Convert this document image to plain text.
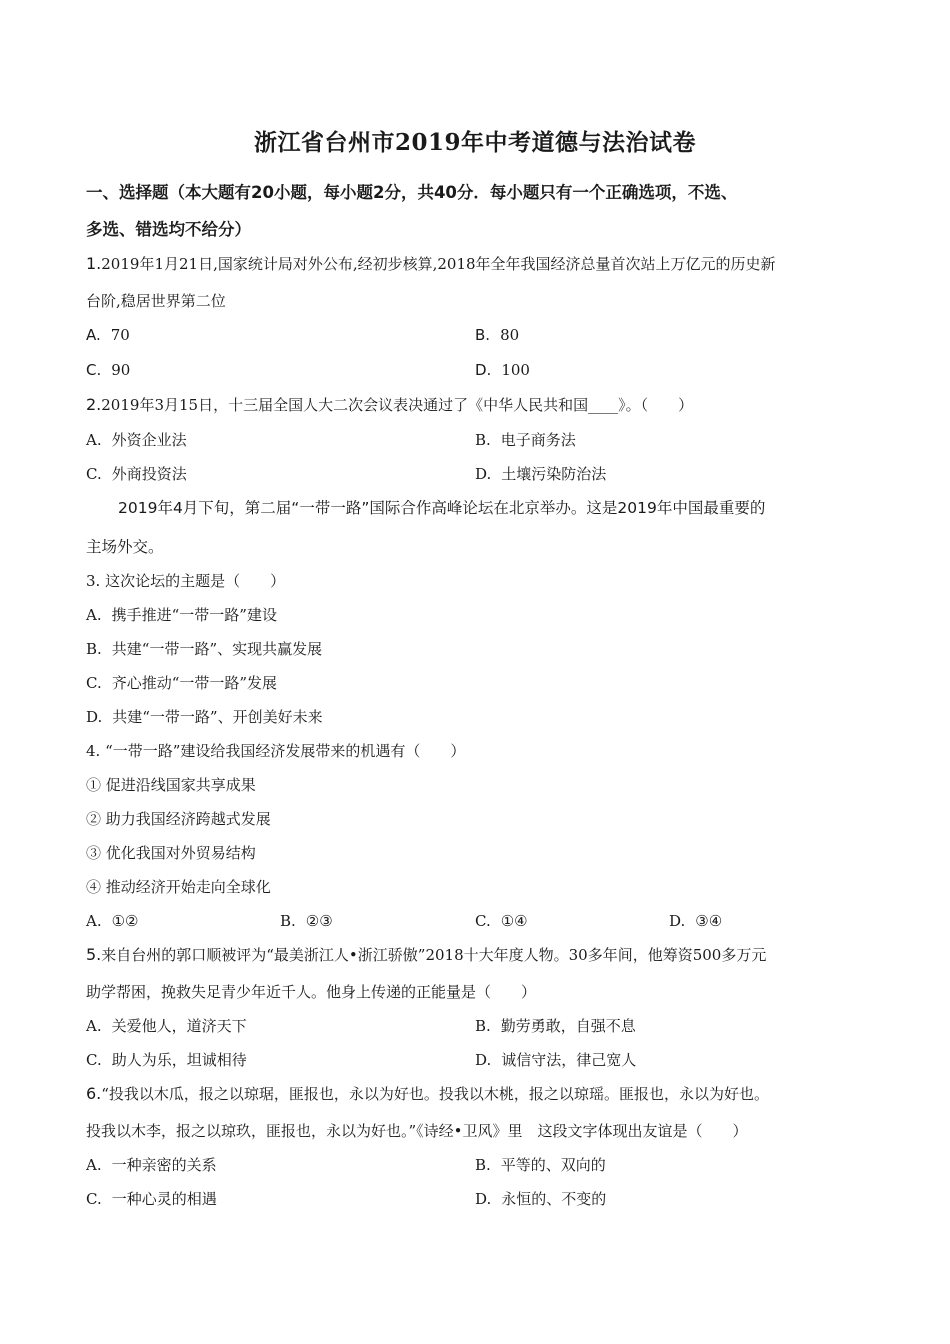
浙江省台州市2019年中考道德与法治试卷
一、选择题（本大题有20小题，每小题2分，共40分．每小题只有一个正确选项，不选、
多选、错选均不给分）
1.2019年1月21日,国家统计局对外公布,经初步核算,2018年全年我国经济总量首次站上万亿元的历史新
台阶,稳居世界第二位
A. 70	B. 80
C. 90	D. 100
2.2019年3月15日，十三届全国人大二次会议表决通过了《中华人民共和国____》。（　　）
A. 外资企业法	B. 电子商务法
C. 外商投资法	D. 土壤污染防治法
2019年4月下旬，第二届“一带一路”国际合作高峰论坛在北京举办。这是2019年中国最重要的
主场外交。
3. 这次论坛的主题是（　　）
A. 携手推进“一带一路”建设
B. 共建“一带一路”、实现共赢发展
C. 齐心推动“一带一路”发展
D. 共建“一带一路”、开创美好未来
4. “一带一路”建设给我国经济发展带来的机遇有（　　）
① 促进沿线国家共享成果
② 助力我国经济跨越式发展
③ 优化我国对外贸易结构
④ 推动经济开始走向全球化
A. ①②	B. ②③	C. ①④	D. ③④
5.来自台州的郭口顺被评为“最美浙江人•浙江骄傲”2018十大年度人物。30多年间，他筹资500多万元
助学帮困，挽救失足青少年近千人。他身上传递的正能量是（　　）
A. 关爱他人，道济天下	B. 勤劳勇敢，自强不息
C. 助人为乐，坦诚相待	D. 诚信守法，律己宽人
6.“投我以木瓜，报之以琼琚，匪报也，永以为好也。投我以木桃，报之以琼瑶。匪报也，永以为好也。
投我以木李，报之以琼玖，匪报也，永以为好也。”《诗经•卫风》里　这段文字体现出友谊是（　　）
A. 一种亲密的关系	B. 平等的、双向的
C. 一种心灵的相遇	D. 永恒的、不变的
